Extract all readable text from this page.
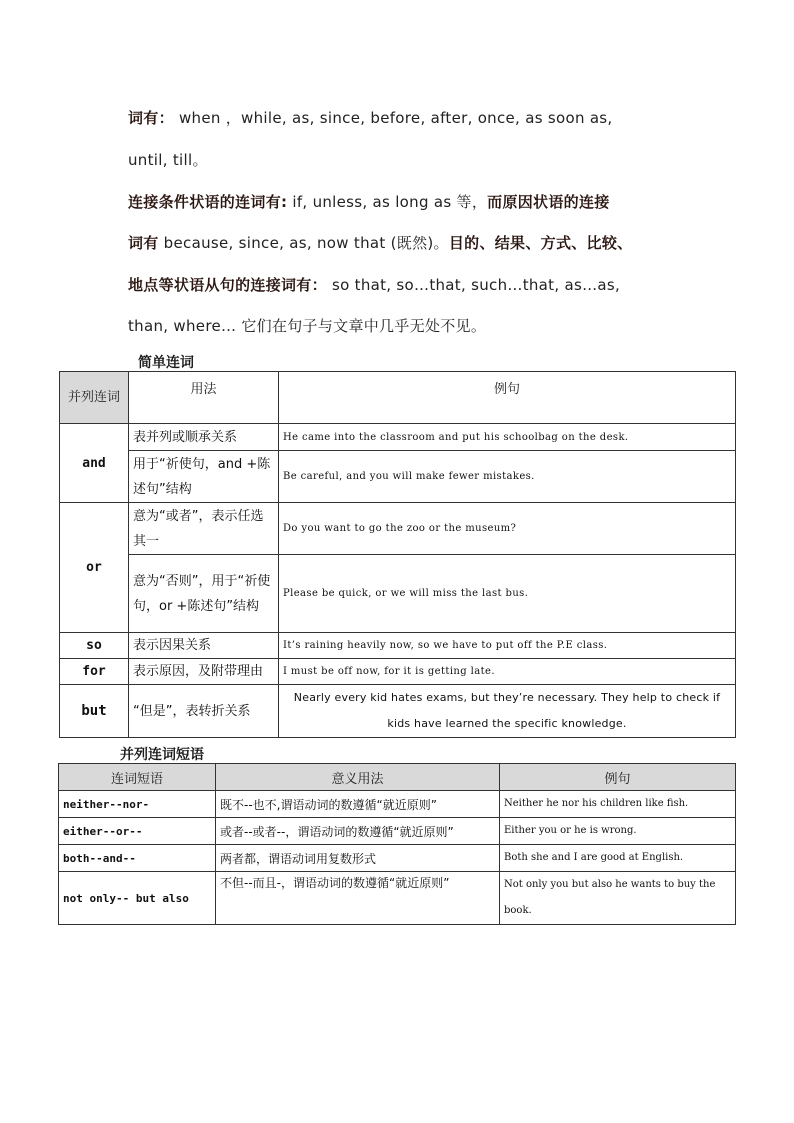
词有： when ，while, as, since, before, after, once, as soon as,
until, till。
连接条件状语的连词有: if, unless, as long as 等，而原因状语的连接
词有 because, since, as, now that (既然)。目的、结果、方式、比较、
地点等状语从句的连接词有： so that, so…that, such…that, as…as,
than, where… 它们在句子与文章中几乎无处不见。
简单连词
并列连词	用法	例句
and	表并列或顺承关系	He came into the classroom and put his schoolbag on the desk.
	用于“祈使句，and +陈述句”结构	Be careful, and you will make fewer mistakes.
or	意为“或者”，表示任选其一	Do you want to go the zoo or the museum?
	意为“否则”，用于“祈使句，or +陈述句”结构	Please be quick, or we will miss the last bus.
so	表示因果关系	It’s raining heavily now, so we have to put off the P.E class.
for	表示原因，及附带理由	I must be off now, for it is getting late.
but	“但是”，表转折关系	Nearly every kid hates exams, but they’re necessary. They help to check if kids have learned the specific knowledge.
并列连词短语
连词短语	意义用法	例句
neither--nor-	既不--也不,谓语动词的数遵循“就近原则”	Neither he nor his children like fish.
either--or--	或者--或者--，谓语动词的数遵循“就近原则”	Either you or he is wrong.
both--and--	两者都，谓语动词用复数形式	Both she and I are good at English.
not only-- but also	不但--而且-，谓语动词的数遵循“就近原则”	Not only you but also he wants to buy the book.
